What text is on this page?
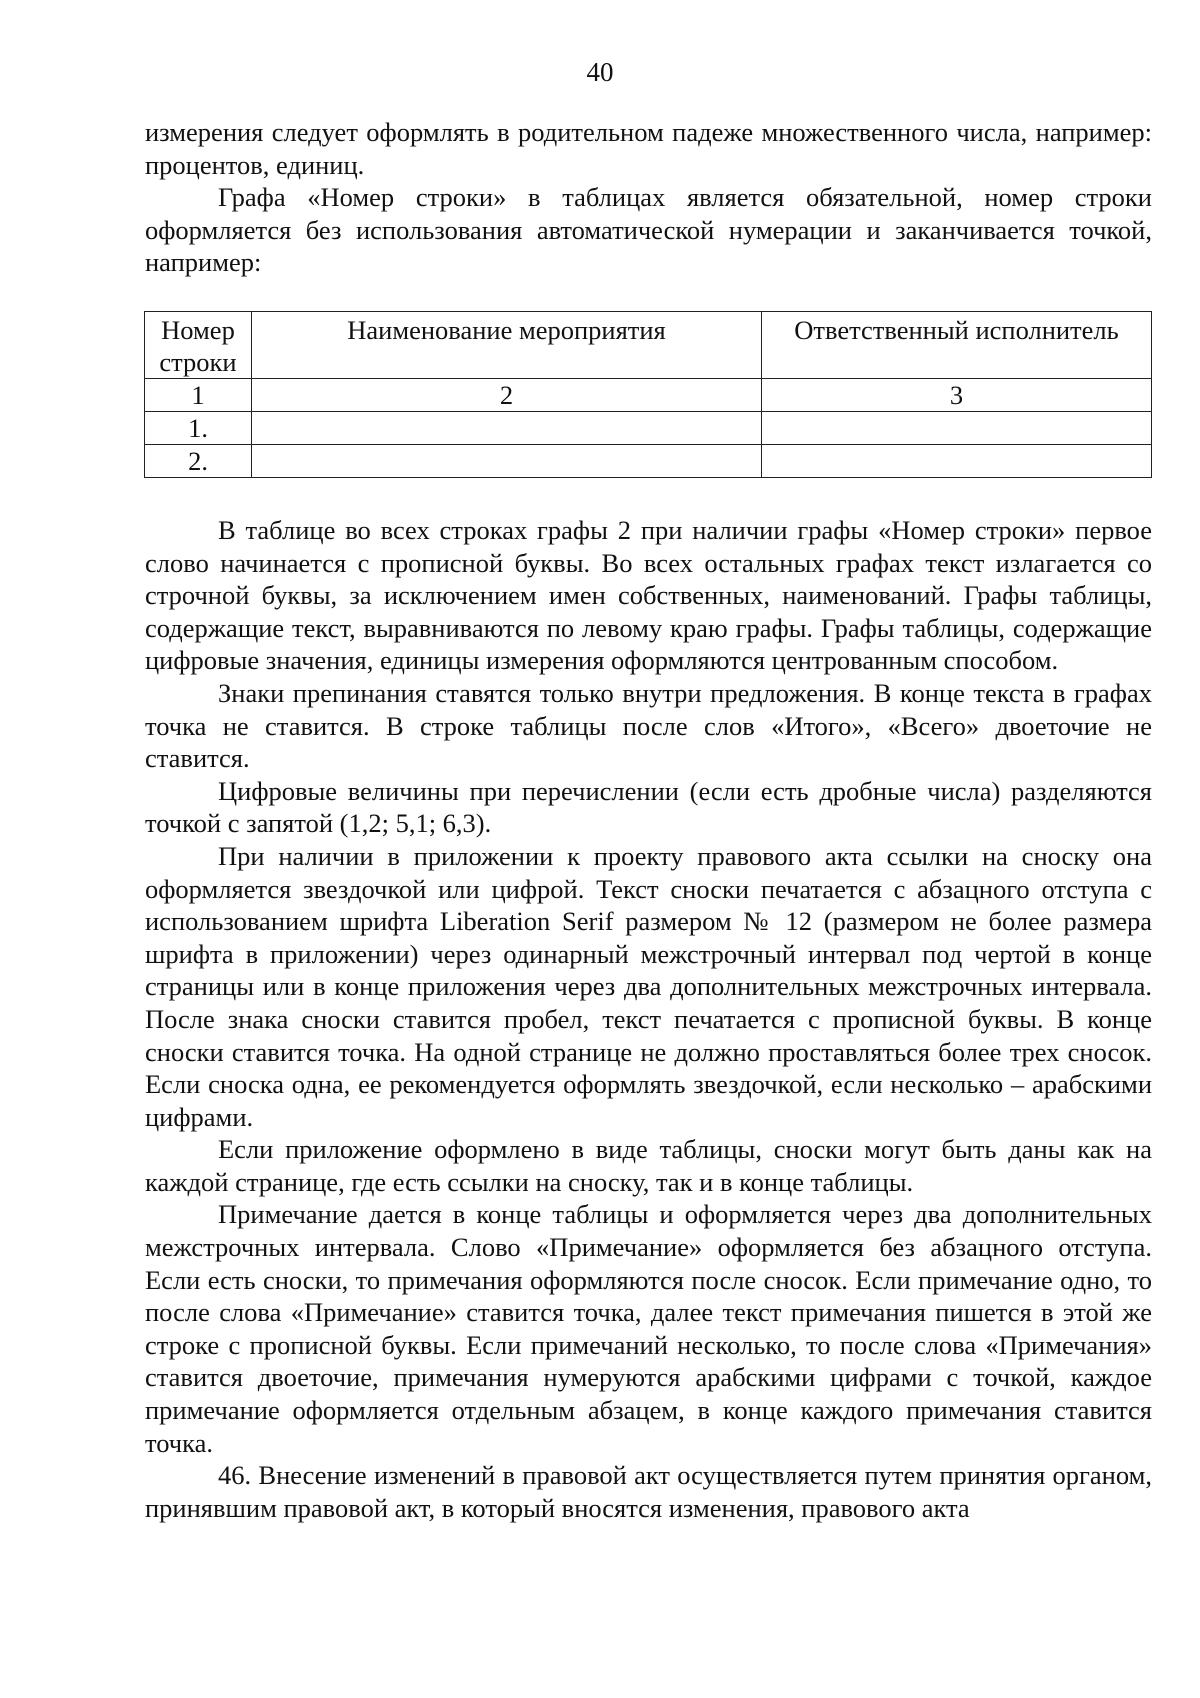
40

измерения следует оформлять в родительном падеже множественного числа, например: процентов, единиц.

Графа «Номер строки» в таблицах является обязательной, номер строки оформляется без использования автоматической нумерации и заканчивается точкой, например:

Номер строки	Наименование мероприятия	Ответственный исполнитель
1	2	3
1.		
2.		

В таблице во всех строках графы 2 при наличии графы «Номер строки» первое слово начинается с прописной буквы. Во всех остальных графах текст излагается со строчной буквы, за исключением имен собственных, наименований. Графы таблицы, содержащие текст, выравниваются по левому краю графы. Графы таблицы, содержащие цифровые значения, единицы измерения оформляются центрованным способом.

Знаки препинания ставятся только внутри предложения. В конце текста в графах точка не ставится. В строке таблицы после слов «Итого», «Всего» двоеточие не ставится.

Цифровые величины при перечислении (если есть дробные числа) разделяются точкой с запятой (1,2; 5,1; 6,3).

При наличии в приложении к проекту правового акта ссылки на сноску она оформляется звездочкой или цифрой. Текст сноски печатается с абзацного отступа с использованием шрифта Liberation Serif размером № 12 (размером не более размера шрифта в приложении) через одинарный межстрочный интервал под чертой в конце страницы или в конце приложения через два дополнительных межстрочных интервала. После знака сноски ставится пробел, текст печатается с прописной буквы. В конце сноски ставится точка. На одной странице не должно проставляться более трех сносок. Если сноска одна, ее рекомендуется оформлять звездочкой, если несколько – арабскими цифрами.

Если приложение оформлено в виде таблицы, сноски могут быть даны как на каждой странице, где есть ссылки на сноску, так и в конце таблицы.

Примечание дается в конце таблицы и оформляется через два дополнительных межстрочных интервала. Слово «Примечание» оформляется без абзацного отступа. Если есть сноски, то примечания оформляются после сносок. Если примечание одно, то после слова «Примечание» ставится точка, далее текст примечания пишется в этой же строке с прописной буквы. Если примечаний несколько, то после слова «Примечания» ставится двоеточие, примечания нумеруются арабскими цифрами с точкой, каждое примечание оформляется отдельным абзацем, в конце каждого примечания ставится точка.

46. Внесение изменений в правовой акт осуществляется путем принятия органом, принявшим правовой акт, в который вносятся изменения, правового акта
